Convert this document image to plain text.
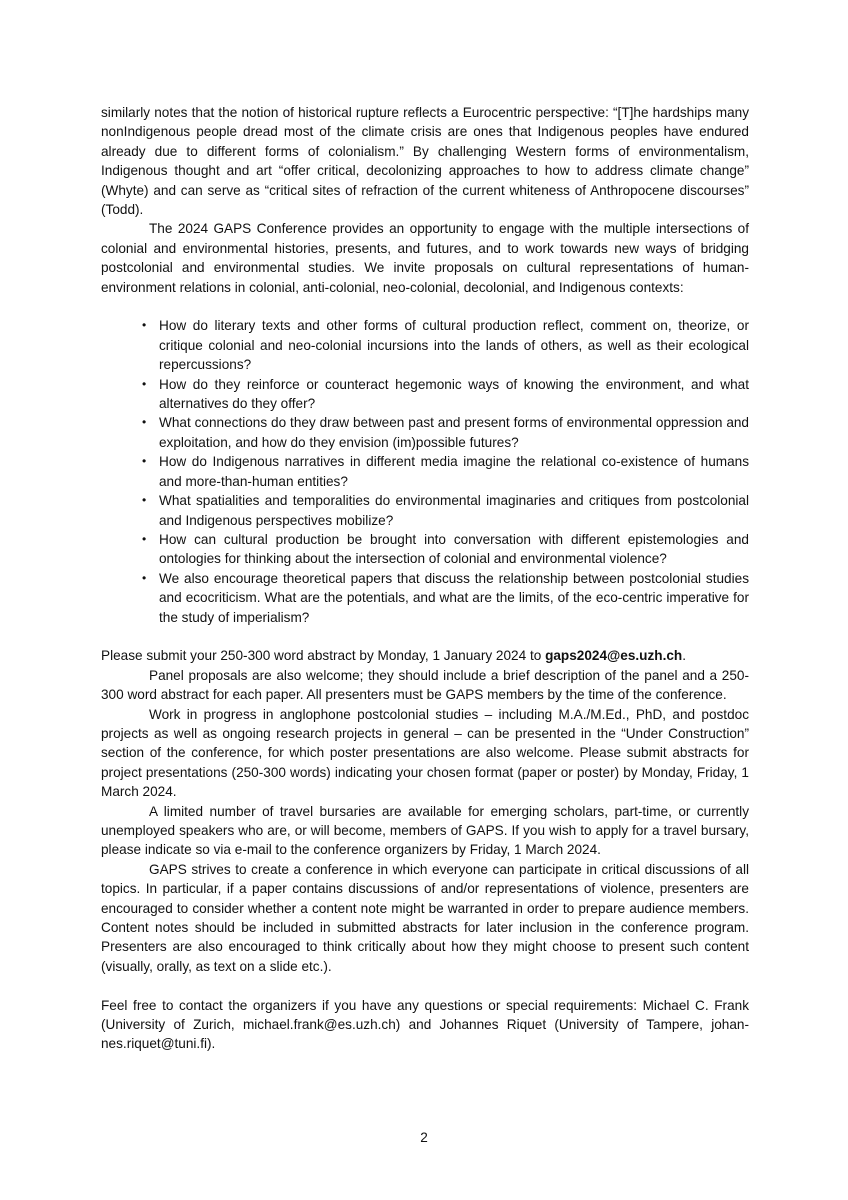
similarly notes that the notion of historical rupture reflects a Eurocentric perspective: “[T]he hardships many nonIndigenous people dread most of the climate crisis are ones that Indigenous peoples have endured already due to different forms of colonialism.” By challenging Western forms of environmentalism, Indigenous thought and art “offer critical, decolonizing approaches to how to address climate change” (Whyte) and can serve as “critical sites of refraction of the current whiteness of Anthropocene discourses” (Todd).

The 2024 GAPS Conference provides an opportunity to engage with the multiple intersections of colonial and environmental histories, presents, and futures, and to work towards new ways of bridging postcolonial and environmental studies. We invite proposals on cultural representations of human-environment relations in colonial, anti-colonial, neo-colonial, decolonial, and Indigenous contexts:

• How do literary texts and other forms of cultural production reflect, comment on, theorize, or critique colonial and neo-colonial incursions into the lands of others, as well as their ecological repercussions?
• How do they reinforce or counteract hegemonic ways of knowing the environment, and what alternatives do they offer?
• What connections do they draw between past and present forms of environmental oppression and exploitation, and how do they envision (im)possible futures?
• How do Indigenous narratives in different media imagine the relational co-existence of humans and more-than-human entities?
• What spatialities and temporalities do environmental imaginaries and critiques from postcolonial and Indigenous perspectives mobilize?
• How can cultural production be brought into conversation with different epistemologies and ontologies for thinking about the intersection of colonial and environmental violence?
• We also encourage theoretical papers that discuss the relationship between postcolonial studies and ecocriticism. What are the potentials, and what are the limits, of the eco-centric imperative for the study of imperialism?

Please submit your 250-300 word abstract by Monday, 1 January 2024 to gaps2024@es.uzh.ch.

Panel proposals are also welcome; they should include a brief description of the panel and a 250-300 word abstract for each paper. All presenters must be GAPS members by the time of the conference.

Work in progress in anglophone postcolonial studies – including M.A./M.Ed., PhD, and postdoc projects as well as ongoing research projects in general – can be presented in the “Under Construction” section of the conference, for which poster presentations are also welcome. Please submit abstracts for project presentations (250-300 words) indicating your chosen format (paper or poster) by Monday, Friday, 1 March 2024.

A limited number of travel bursaries are available for emerging scholars, part-time, or currently unemployed speakers who are, or will become, members of GAPS. If you wish to apply for a travel bursary, please indicate so via e-mail to the conference organizers by Friday, 1 March 2024.

GAPS strives to create a conference in which everyone can participate in critical discussions of all topics. In particular, if a paper contains discussions of and/or representations of violence, presenters are encouraged to consider whether a content note might be warranted in order to prepare audience members. Content notes should be included in submitted abstracts for later inclusion in the conference program. Presenters are also encouraged to think critically about how they might choose to present such content (visually, orally, as text on a slide etc.).

Feel free to contact the organizers if you have any questions or special requirements: Michael C. Frank (University of Zurich, michael.frank@es.uzh.ch) and Johannes Riquet (University of Tampere, johannes.riquet@tuni.fi).

2
